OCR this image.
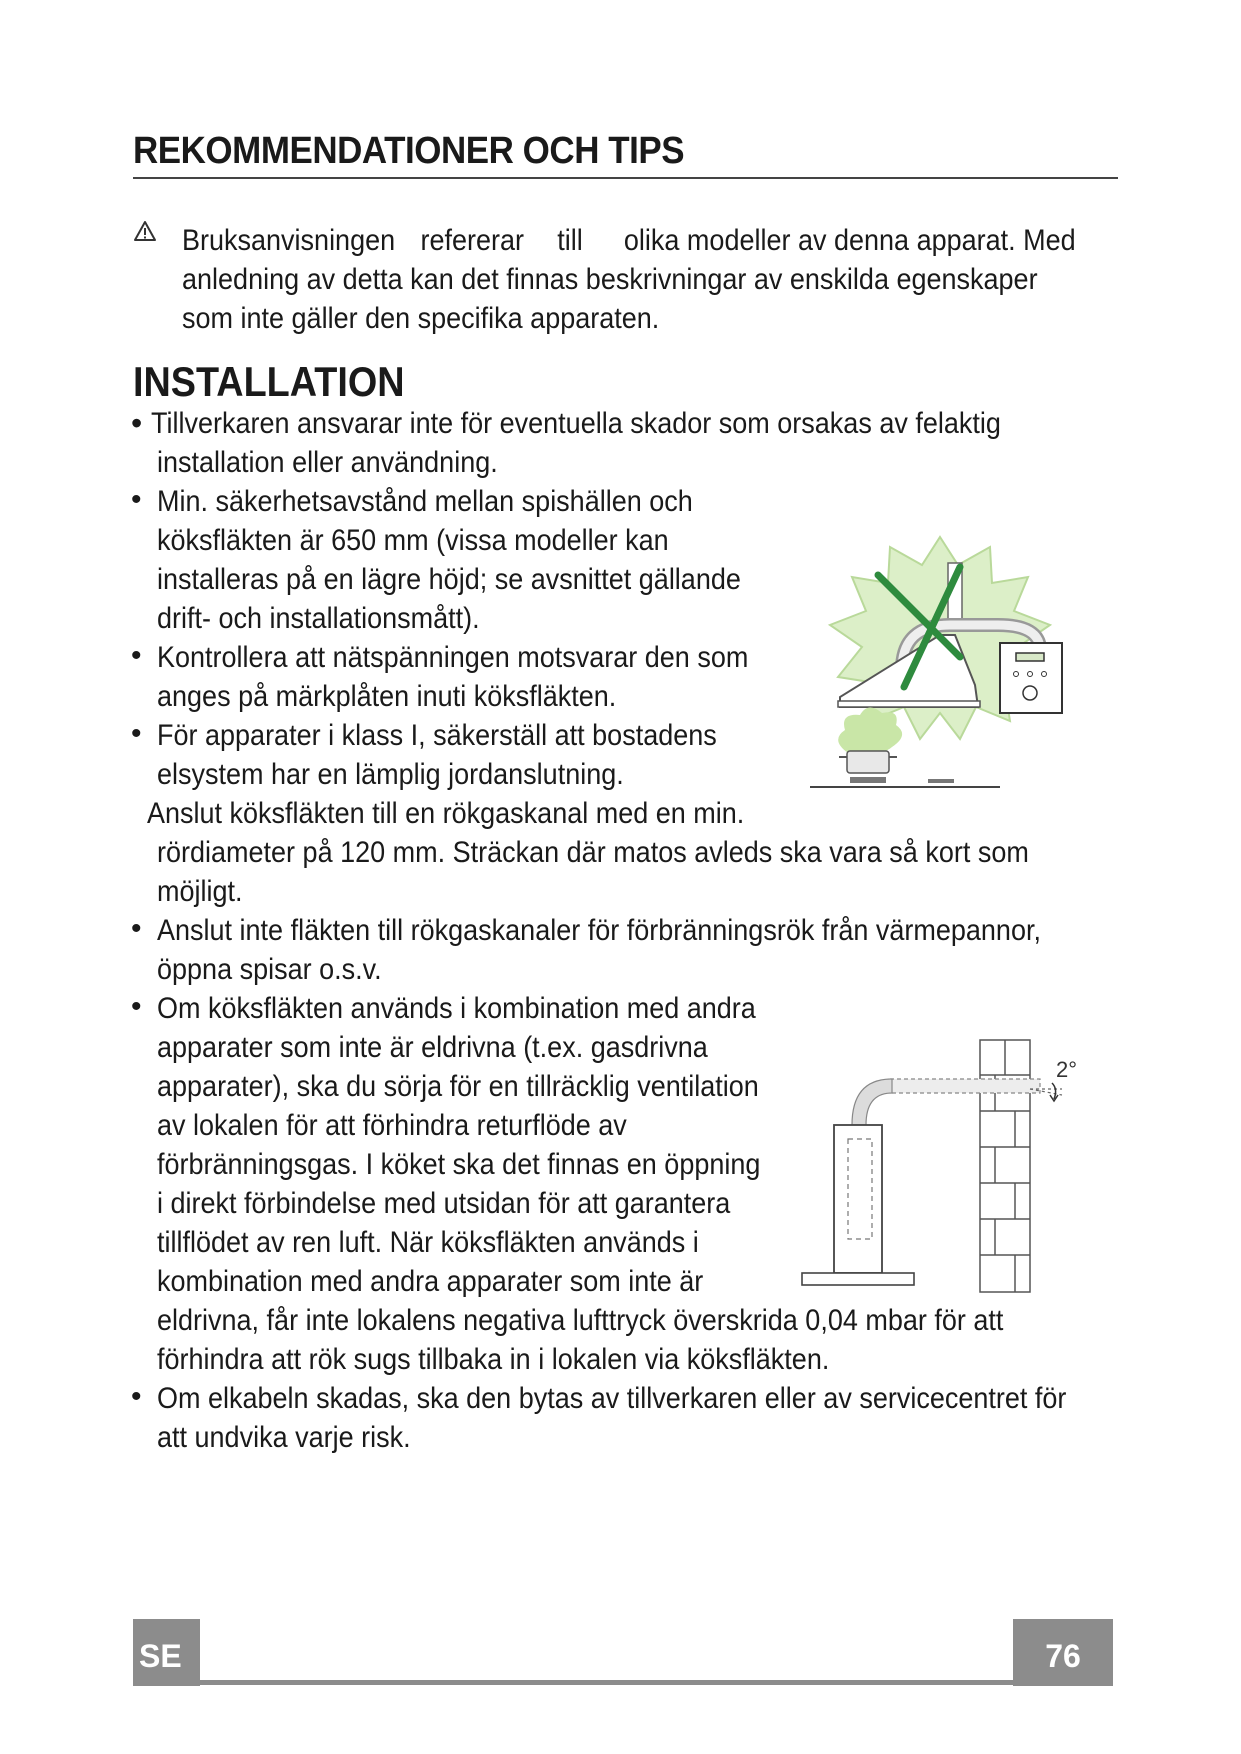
REKOMMENDATIONER OCH TIPS

Bruksanvisningen refererar till olika modeller av denna apparat. Med

anledning av detta kan det finnas beskrivningar av enskilda egenskaper

som inte gäller den specifika apparaten.

INSTALLATION
• Tillverkaren ansvarar inte för eventuella skador som orsakas av felaktig

installation eller användning.

• Min. säkerhetsavstånd mellan spishällen och

köksfläkten är 650 mm (vissa modeller kan

installeras på en lägre höjd; se avsnittet gällande

drift- och installationsmått).

• Kontrollera att nätspänningen motsvarar den som

anges på märkplåten inuti köksfläkten.

• För apparater i klass I, säkerställ att bostadens

elsystem har en lämplig jordanslutning.

Anslut köksfläkten till en rökgaskanal med en min.

rördiameter på 120 mm. Sträckan där matos avleds ska vara så kort som

möjligt.

• Anslut inte fläkten till rökgaskanaler för förbränningsrök från värmepannor,

öppna spisar o.s.v.

• Om köksfläkten används i kombination med andra

apparater som inte är eldrivna (t.ex. gasdrivna

apparater), ska du sörja för en tillräcklig ventilation

av lokalen för att förhindra returflöde av

förbränningsgas. I köket ska det finnas en öppning

i direkt förbindelse med utsidan för att garantera

tillflödet av ren luft. När köksfläkten används i

kombination med andra apparater som inte är

eldrivna, får inte lokalens negativa lufttryck överskrida 0,04 mbar för att

förhindra att rök sugs tillbaka in i lokalen via köksfläkten.

• Om elkabeln skadas, ska den bytas av tillverkaren eller av servicecentret för

att undvika varje risk.

2°
SE	76
